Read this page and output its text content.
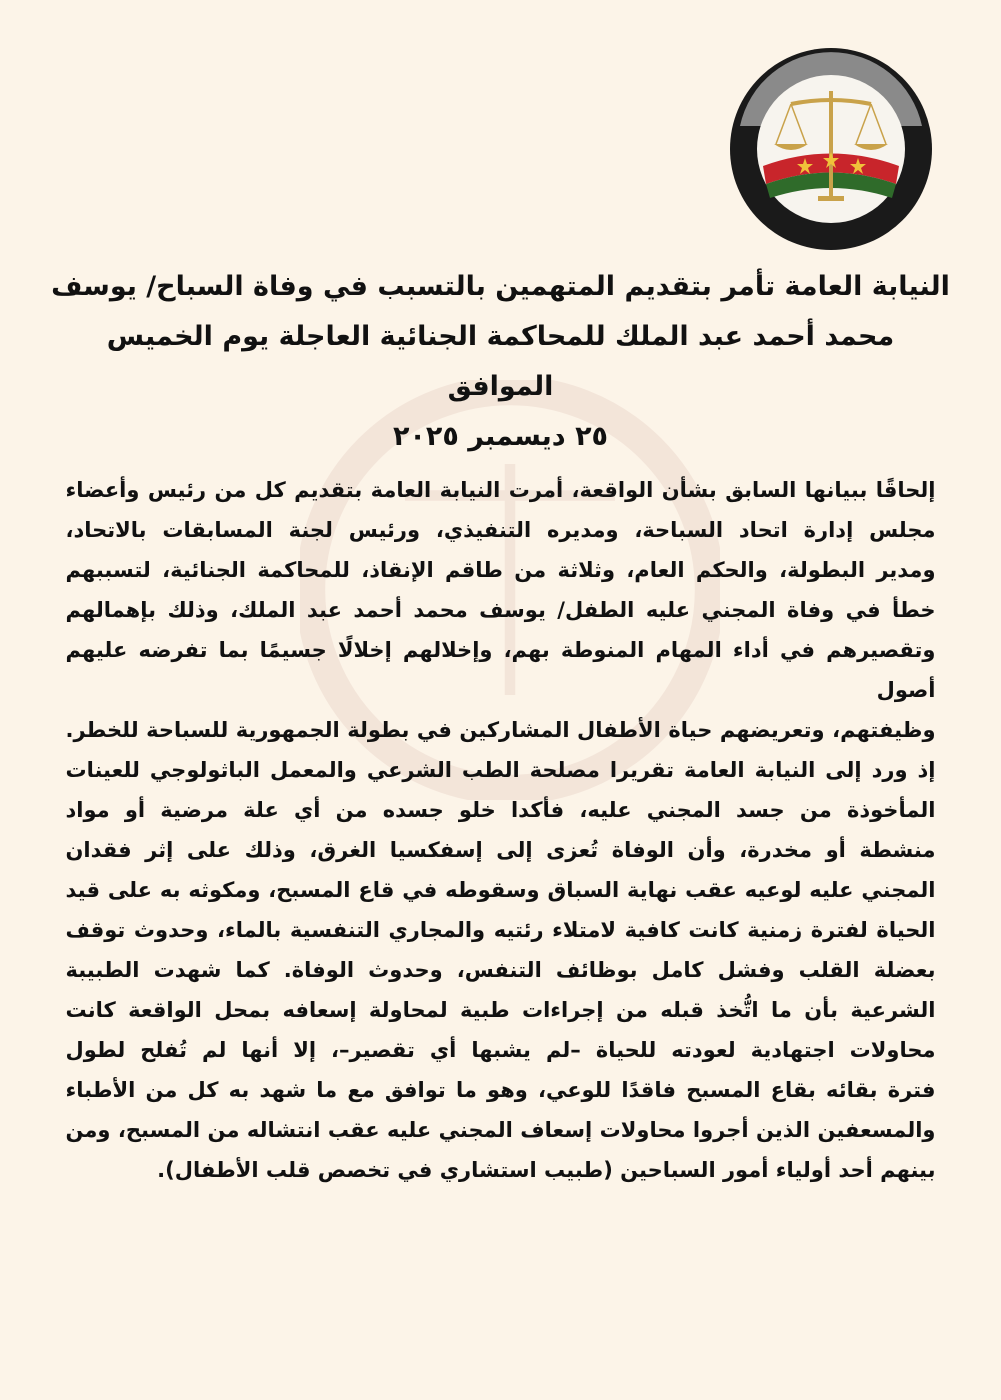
النيابة العامة تأمر بتقديم المتهمين بالتسبب في وفاة السباح/ يوسف
محمد أحمد عبد الملك للمحاكمة الجنائية العاجلة يوم الخميس الموافق
٢٥ ديسمبر ٢٠٢٥
إلحاقًا ببيانها السابق بشأن الواقعة، أمرت النيابة العامة بتقديم كل من رئيس وأعضاء
مجلس إدارة اتحاد السباحة، ومديره التنفيذي، ورئيس لجنة المسابقات بالاتحاد،
ومدير البطولة، والحكم العام، وثلاثة من طاقم الإنقاذ، للمحاكمة الجنائية، لتسببهم
خطأ في وفاة المجني عليه الطفل/ يوسف محمد أحمد عبد الملك، وذلك بإهمالهم
وتقصيرهم في أداء المهام المنوطة بهم، وإخلالهم إخلالًا جسيمًا بما تفرضه عليهم أصول
وظيفتهم، وتعريضهم حياة الأطفال المشاركين في بطولة الجمهورية للسباحة للخطر.
إذ ورد إلى النيابة العامة تقريرا مصلحة الطب الشرعي والمعمل الباثولوجي للعينات
المأخوذة من جسد المجني عليه، فأكدا خلو جسده من أي علة مرضية أو مواد
منشطة أو مخدرة، وأن الوفاة تُعزى إلى إسفكسيا الغرق، وذلك على إثر فقدان
المجني عليه لوعيه عقب نهاية السباق وسقوطه في قاع المسبح، ومكوثه به على قيد
الحياة لفترة زمنية كانت كافية لامتلاء رئتيه والمجاري التنفسية بالماء، وحدوث توقف
بعضلة القلب وفشل كامل بوظائف التنفس، وحدوث الوفاة. كما شهدت الطبيبة
الشرعية بأن ما اتُّخذ قبله من إجراءات طبية لمحاولة إسعافه بمحل الواقعة كانت
محاولات اجتهادية لعودته للحياة –لم يشبها أي تقصير–، إلا أنها لم تُفلح لطول
فترة بقائه بقاع المسبح فاقدًا للوعي، وهو ما توافق مع ما شهد به كل من الأطباء
والمسعفين الذين أجروا محاولات إسعاف المجني عليه عقب انتشاله من المسبح، ومن
بينهم أحد أولياء أمور السباحين (طبيب استشاري في تخصص قلب الأطفال).
